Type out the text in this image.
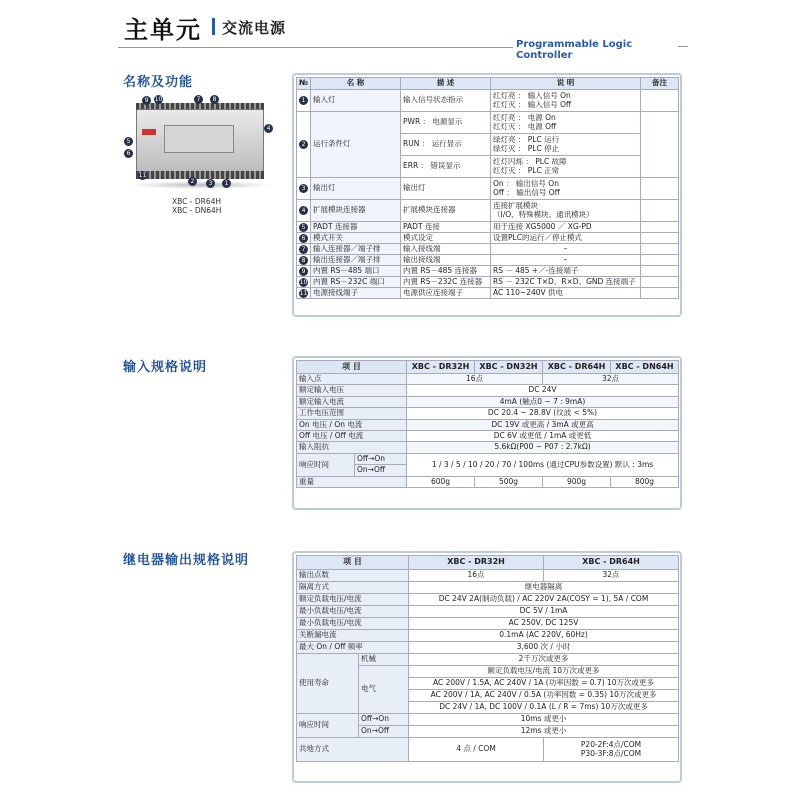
主单元 交流电源
Programmable Logic Controller
名称及功能
9	10	7	8
4
5
6
11
2	3	1
XBC - DR64H
XBC - DN64H
№	名 称	描 述	说 明	备注
1	输入灯	输入信号状态指示	红灯亮 ： 输入信号 On
红灯灭 ： 输入信号 Off	

2	运行条件灯	PWR ： 电源显示	红灯亮 ： 电源 On
红灯灭 ： 电源 Off	

		RUN ： 运行显示	绿灯亮 ： PLC 运行
绿灯灭 ： PLC 停止	

		ERR ： 错误显示	红灯闪烁 ： PLC 故障
红灯灭 ： PLC 正常	

3	输出灯	输出灯	On ： 输出信号 On
Off ： 输出信号 Off	

4	扩展模块连接器	扩展模块连接器	连接扩展模块
（I/O、特殊模块、通讯模块）	

5	PADT 连接器	PADT 连接	用于连接 XG5000 ／ XG-PD	
6	模式开关	模式设定	设置PLC的运行／停止模式	
7	输入连接器／端子排	输入接线端	–	
8	输出连接器／端子排	输出接线端	–	
9	内置 RS－485 端口	内置 RS－485 连接器	RS － 485 +／-连接端子	
10	内置 RS－232C 端口	内置 RS－232C 连接器	RS － 232C T×D、R×D、GND 连接端子	
11	电源接线端子	电源供应连接端子	AC 110~240V 供电	
输入规格说明	项 目		XBC - DR32H	XBC - DN32H	XBC - DR64H	XBC - DN64H
输入点		16点		32点	
额定输入电压		DC 24V			
额定输入电流		4mA (触点0 ~ 7 : 9mA)			
工作电压范围		DC 20.4 ~ 28.8V (纹波 < 5%)			
On 电压 / On 电流		DC 19V 或更高 / 3mA 或更高			
Off 电压 / Off 电流		DC 6V 或更低 / 1mA 或更低			
输入阻抗		5.6kΩ(P00 ~ P07 : 2.7kΩ)			
响应时间	Off→On	1 / 3 / 5 / 10 / 20 / 70 / 100ms (通过CPU参数设置) 默认 : 3ms			
	On→Off				
重量		600g	500g	900g	800g
继电器输出规格说明	项 目		XBC - DR32H	XBC - DR64H
输出点数		16点	32点
隔离方式		继电器隔离	
额定负载电压/电流		DC 24V 2A(制动负载) / AC 220V 2A(COSY = 1), 5A / COM	
最小负载电压/电流		DC 5V / 1mA	
最小负载电压/电流		AC 250V, DC 125V	
关断漏电流		0.1mA (AC 220V, 60Hz)	
最大 On / Off 频率		3,600 次 / 小时	
使用寿命	机械	2千万次或更多	
	电气	额定负载电压/电流 10万次或更多	
		AC 200V / 1.5A, AC 240V / 1A (功率因数 = 0.7) 10万次或更多	
		AC 200V / 1A, AC 240V / 0.5A (功率因数 = 0.35) 10万次或更多	
		DC 24V / 1A, DC 100V / 0.1A (L / R = 7ms) 10万次或更多	
响应时间	Off→On	10ms 或更小	
	On→Off	12ms 或更小	
共地方式		4 点 / COM	P20-2F:4点/COM
P30-3F:8点/COM
